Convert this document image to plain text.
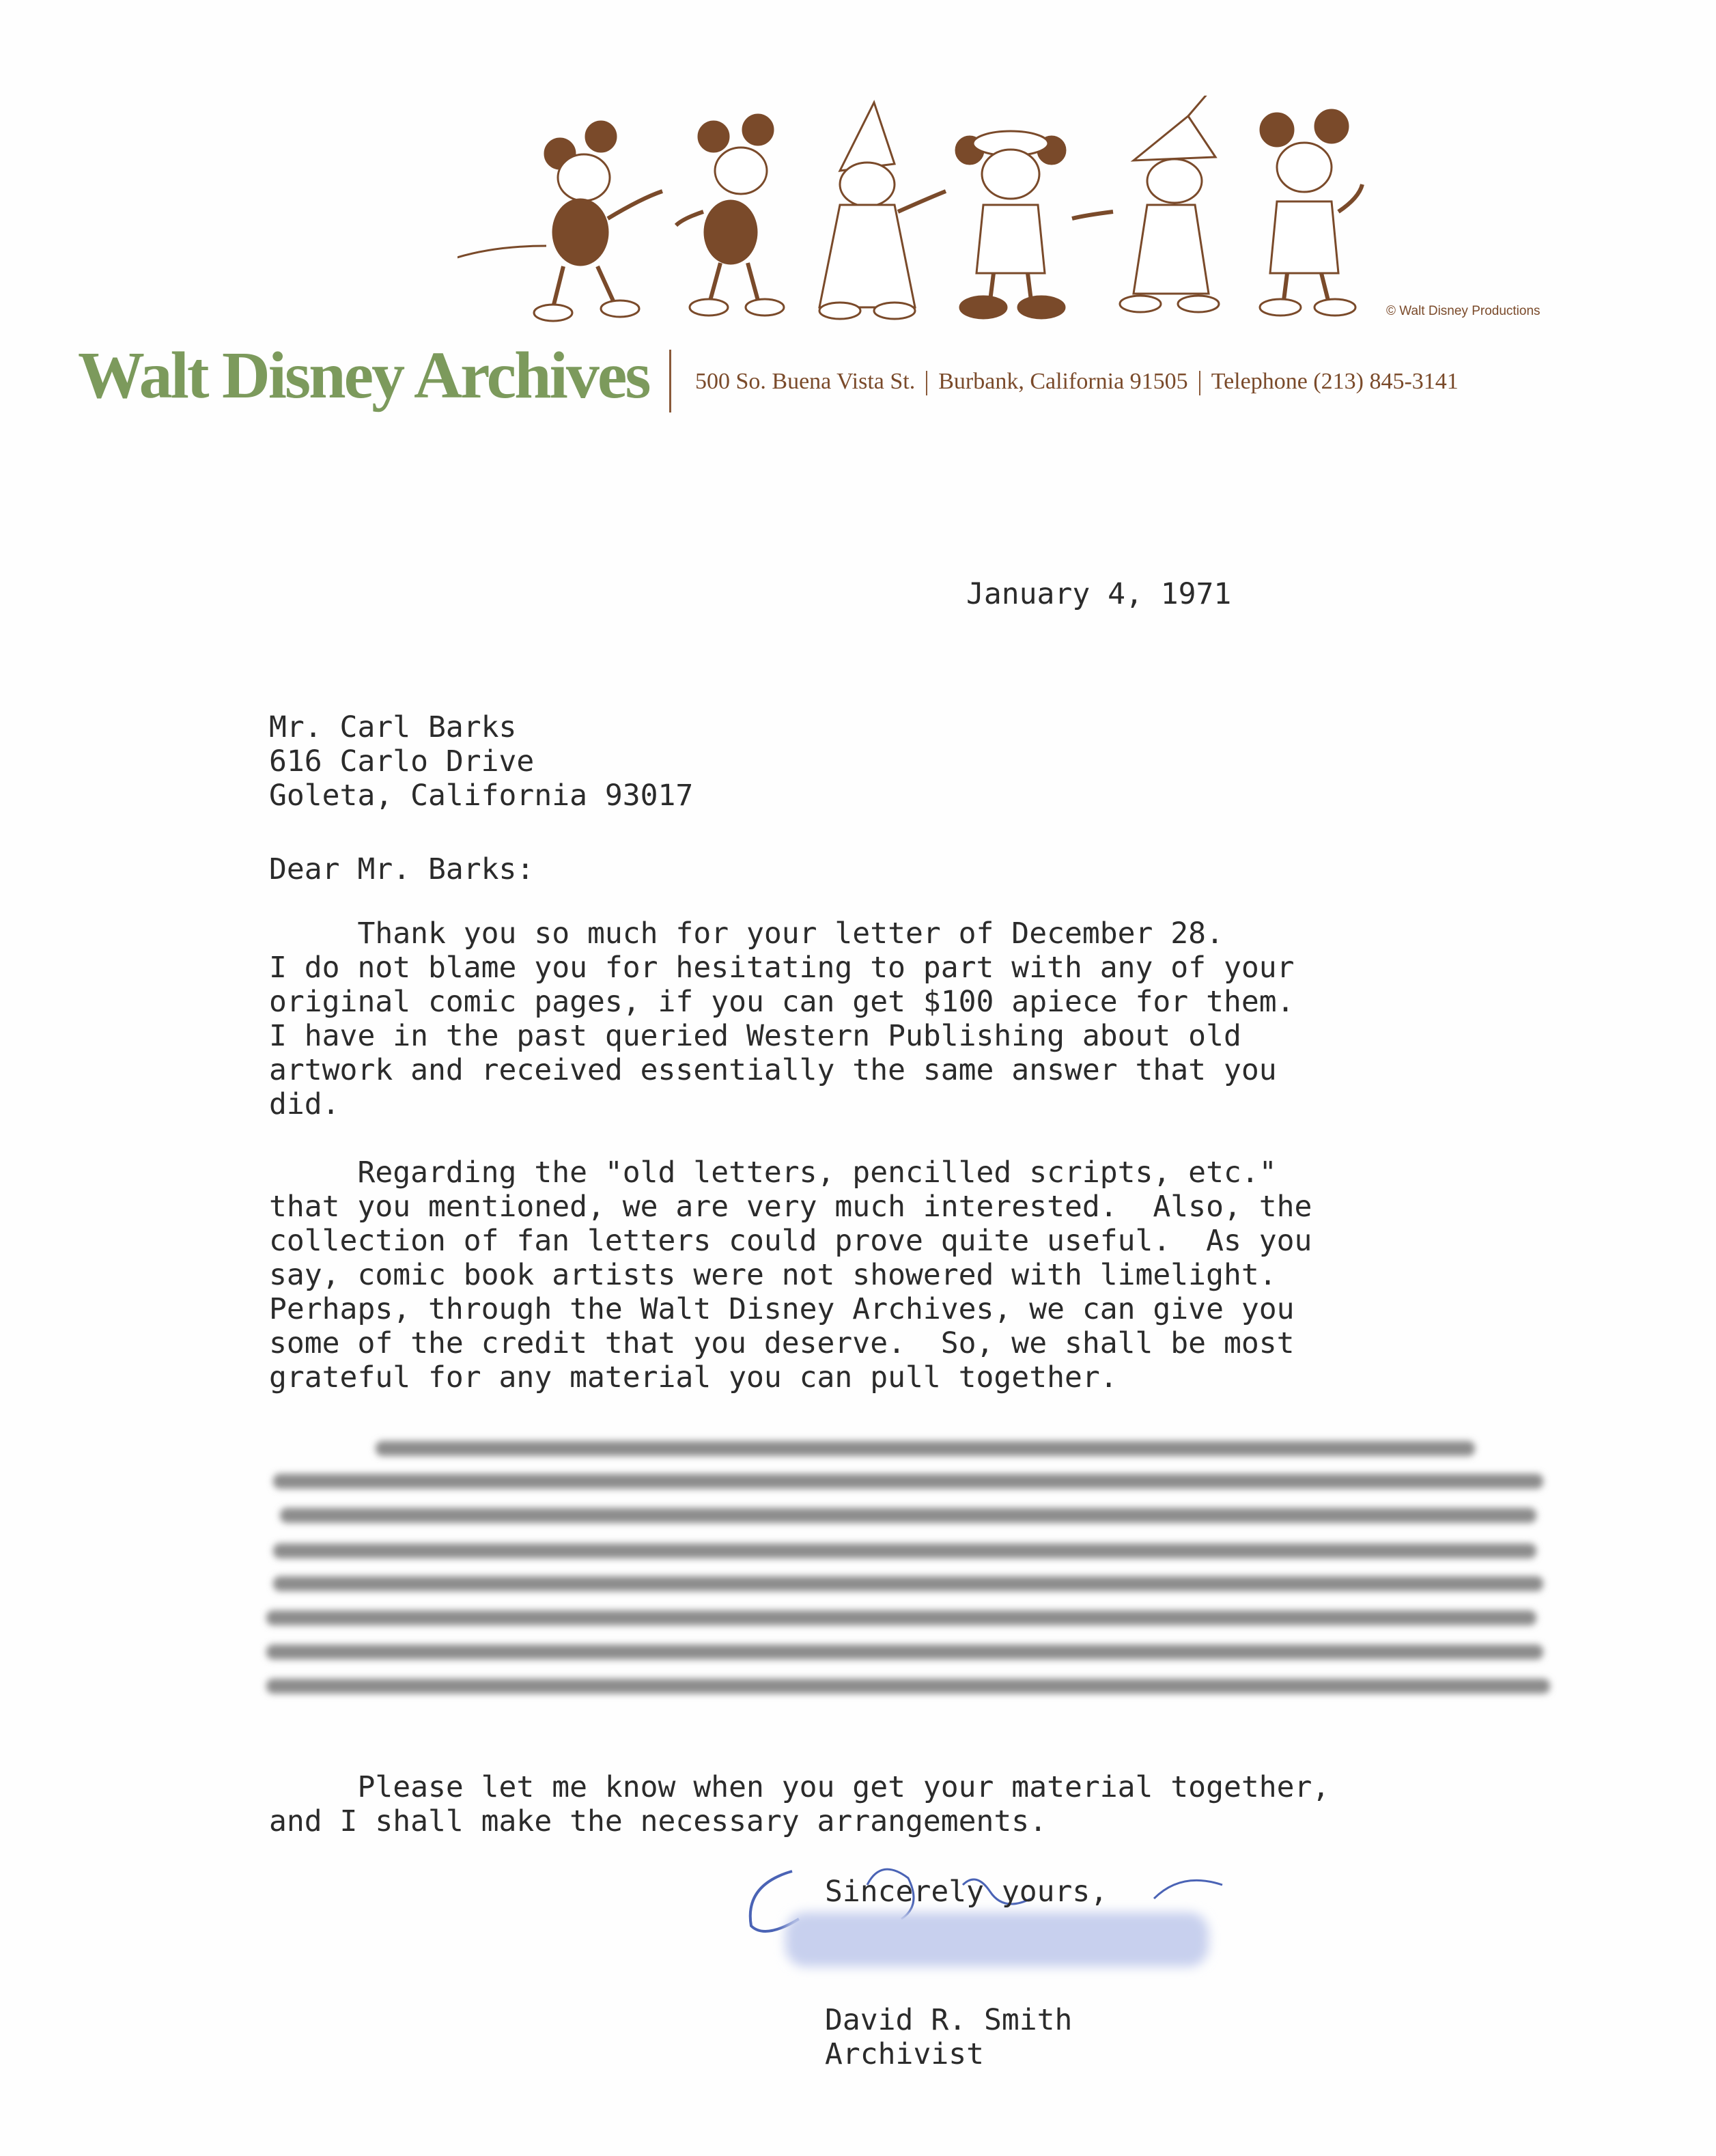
© Walt Disney Productions
Walt Disney Archives 500 So. Buena Vista St. Burbank, California 91505 Telephone (213) 845-3141
January 4, 1971
Mr. Carl Barks
616 Carlo Drive
Goleta, California 93017
Dear Mr. Barks:
Thank you so much for your letter of December 28.
I do not blame you for hesitating to part with any of your
original comic pages, if you can get $100 apiece for them.
I have in the past queried Western Publishing about old
artwork and received essentially the same answer that you
did.
Regarding the "old letters, pencilled scripts, etc."
that you mentioned, we are very much interested.  Also, the
collection of fan letters could prove quite useful.  As you
say, comic book artists were not showered with limelight.
Perhaps, through the Walt Disney Archives, we can give you
some of the credit that you deserve.  So, we shall be most
grateful for any material you can pull together.
Please let me know when you get your material together,
and I shall make the necessary arrangements.
Sincerely yours,
David R. Smith
Archivist
